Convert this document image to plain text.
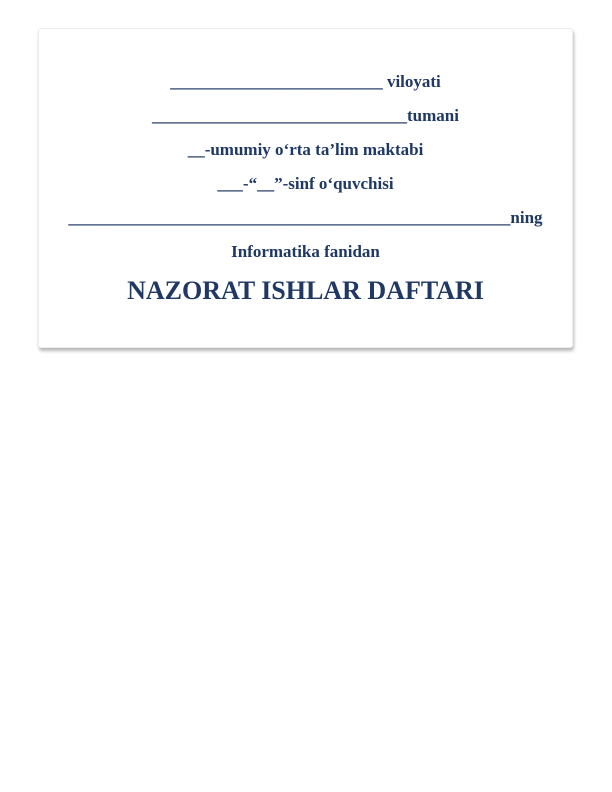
_________________________ viloyati
______________________________tumani
__-umumiy o‘rta ta’lim maktabi
___-“__”-sinf o‘quvchisi
____________________________________________________ning
Informatika fanidan
NAZORAT ISHLAR DAFTARI
